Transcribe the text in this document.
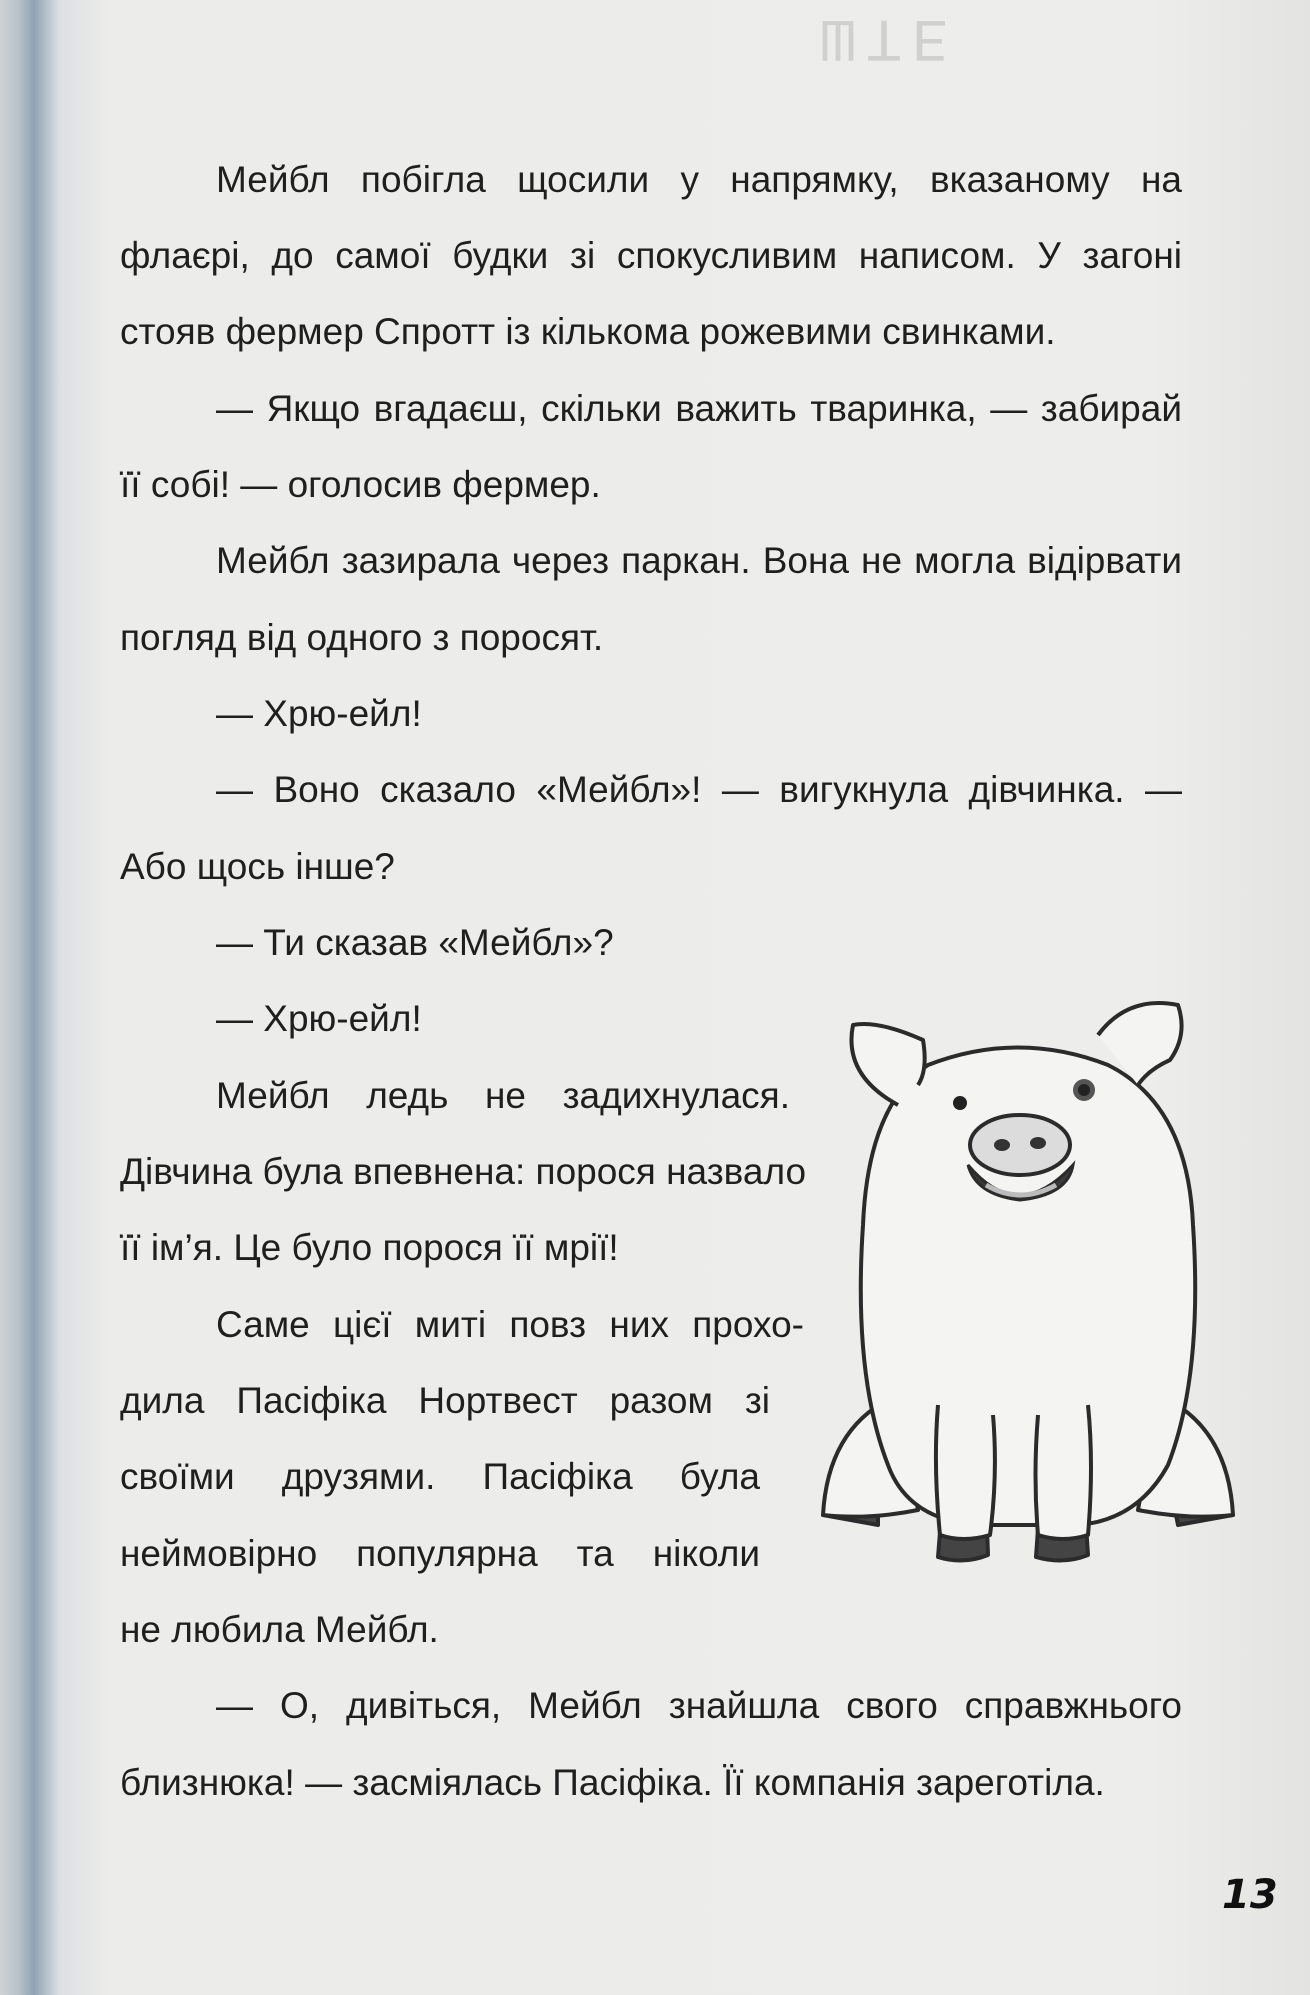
ШТЕ
Мейбл побігла щосили у напрямку, вказаному на
флаєрі, до самої будки зі спокусливим написом. У загоні
стояв фермер Спротт із кількома рожевими свинками.
— Якщо вгадаєш, скільки важить тваринка, — забирай
її собі! — оголосив фермер.
Мейбл зазирала через паркан. Вона не могла відірвати
погляд від одного з поросят.
— Хрю-ейл!
— Воно сказало «Мейбл»! — вигукнула дівчинка. —
Або щось інше?
— Ти сказав «Мейбл»?
— Хрю-ейл!
Мейбл ледь не задихнулася.
Дівчина була впевнена: порося назвало
її ім’я. Це було порося її мрії!
Саме цієї миті повз них прохо-
дила Пасіфіка Нортвест разом зі
своїми друзями. Пасіфіка була
неймовірно популярна та ніколи
не любила Мейбл.
— О, дивіться, Мейбл знайшла свого справжнього
близнюка! — засміялась Пасіфіка. Її компанія зареготіла.
13
